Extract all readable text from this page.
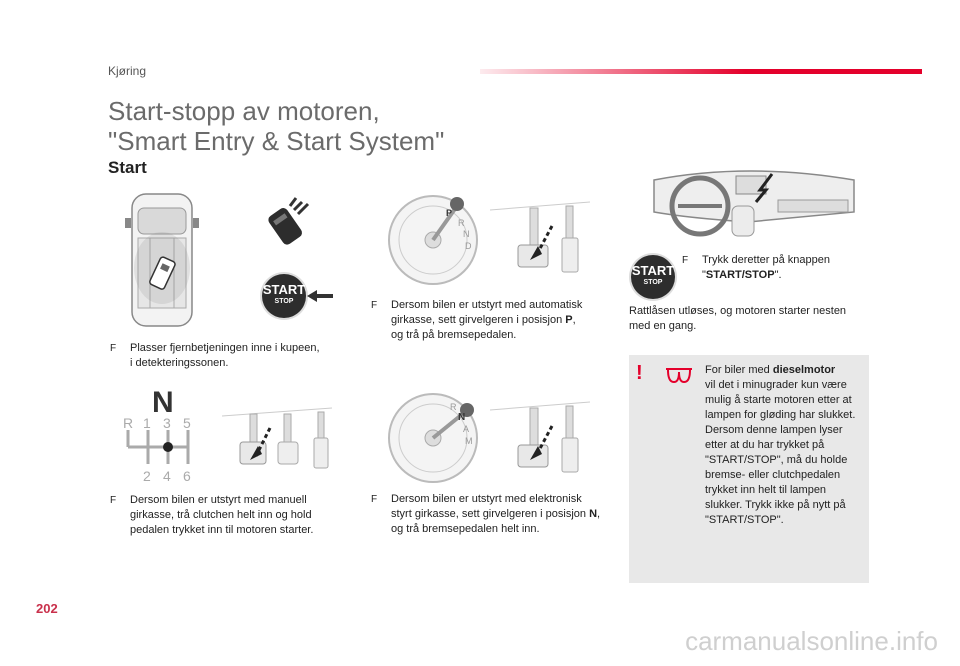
Kjøring
Start-stopp av motoren,
"Smart Entry & Start System"
Start
START
STOP
P
R
N
D
START
STOP
N
R 1 3 5
2 4 6
R
N
A
M
F Plasser fjernbetjeningen inne i kupeen,
i detekteringssonen.
F Dersom bilen er utstyrt med automatisk
girkasse, sett girvelgeren i posisjon P,
og trå på bremsepedalen.
F Dersom bilen er utstyrt med manuell
girkasse, trå clutchen helt inn og hold
pedalen trykket inn til motoren starter.
F Dersom bilen er utstyrt med elektronisk
styrt girkasse, sett girvelgeren i posisjon N,
og trå bremsepedalen helt inn.
F Trykk deretter på knappen
"START/STOP".
Rattlåsen utløses, og motoren starter nesten
med en gang.
!	For biler med dieselmotor
vil det i minugrader kun være
mulig å starte motoren etter at
lampen for gløding har slukket.
Dersom denne lampen lyser
etter at du har trykket på
"START/STOP", må du holde
bremse- eller clutchpedalen
trykket inn helt til lampen
slukker. Trykk ikke på nytt på
"START/STOP".
202
carmanualsonline.info
